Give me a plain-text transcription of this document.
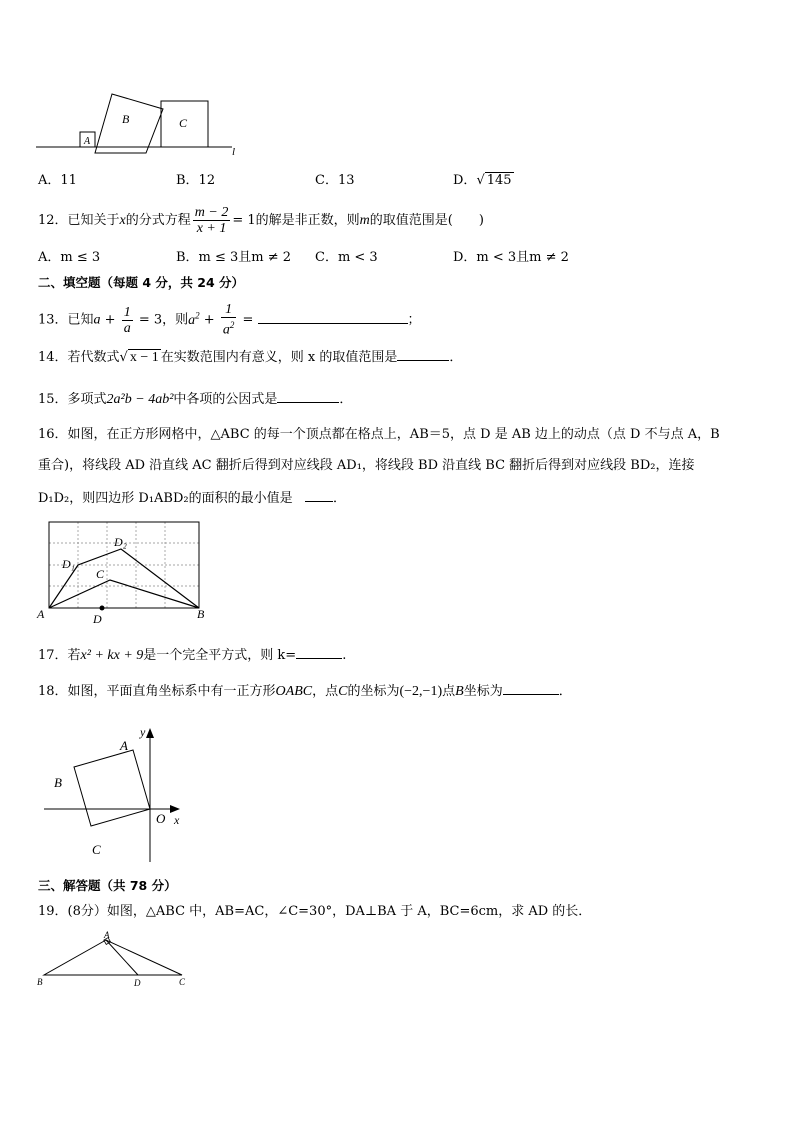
A
B	C
l
A．11	B．12	C．13	D．√ 145
12．已知关于x的分式方程 $\frac{m - 2}{x + 1} = 1$的解是非正数，则m的取值范围是(　　)
A．m ≤ 3	B．m ≤ 3且m ≠ 2 C．m < 3	D．m < 3且m ≠ 2
二、填空题（每题 4 分，共 24 分）
13．已知$a + \frac{1}{a} = 3$，则$a^2 + \frac{1}{a^2}$ =	；
14．若代数式√ x − 1 在实数范围内有意义，则 x 的取值范围是	．
15．多项式2a²b − 4ab²中各项的公因式是	．
16．如图，在正方形网格中，△ABC 的每一个顶点都在格点上，AB＝5，点 D 是 AB 边上的动点（点 D 不与点 A，B
重合)，将线段 AD 沿直线 AC 翻折后得到对应线段 AD₁，将线段 BD 沿直线 BC 翻折后得到对应线段 BD₂，连接
D₁D₂，则四边形 D₁ABD₂的面积的最小值是	．
A	B
C
D
D₁
D₂
17．若x² + kx + 9是一个完全平方式，则 k=	.
18．如图，平面直角坐标系中有一正方形OABC，点C的坐标为(−2,−1)点B坐标为	．
A
B
C
O x
y
三、解答题（共 78 分）
19．(8分）如图，△ABC 中，AB=AC，∠C=30°，DA⊥BA 于 A，BC=6cm，求 AD 的长．
A
B	C
D
